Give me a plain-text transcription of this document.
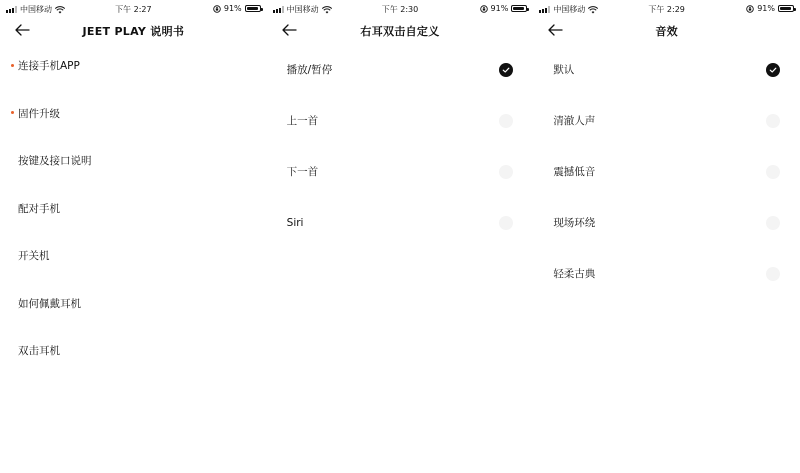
中国移动	下午 2:27	91%
JEET PLAY 说明书
连接手机APP
固件升级
按键及接口说明
配对手机
开关机
如何佩戴耳机
双击耳机
中国移动	下午 2:30	91%
右耳双击自定义
播放/暂停
上一首
下一首
Siri
中国移动	下午 2:29	91%
音效
默认
清澈人声
震撼低音
现场环绕
轻柔古典
